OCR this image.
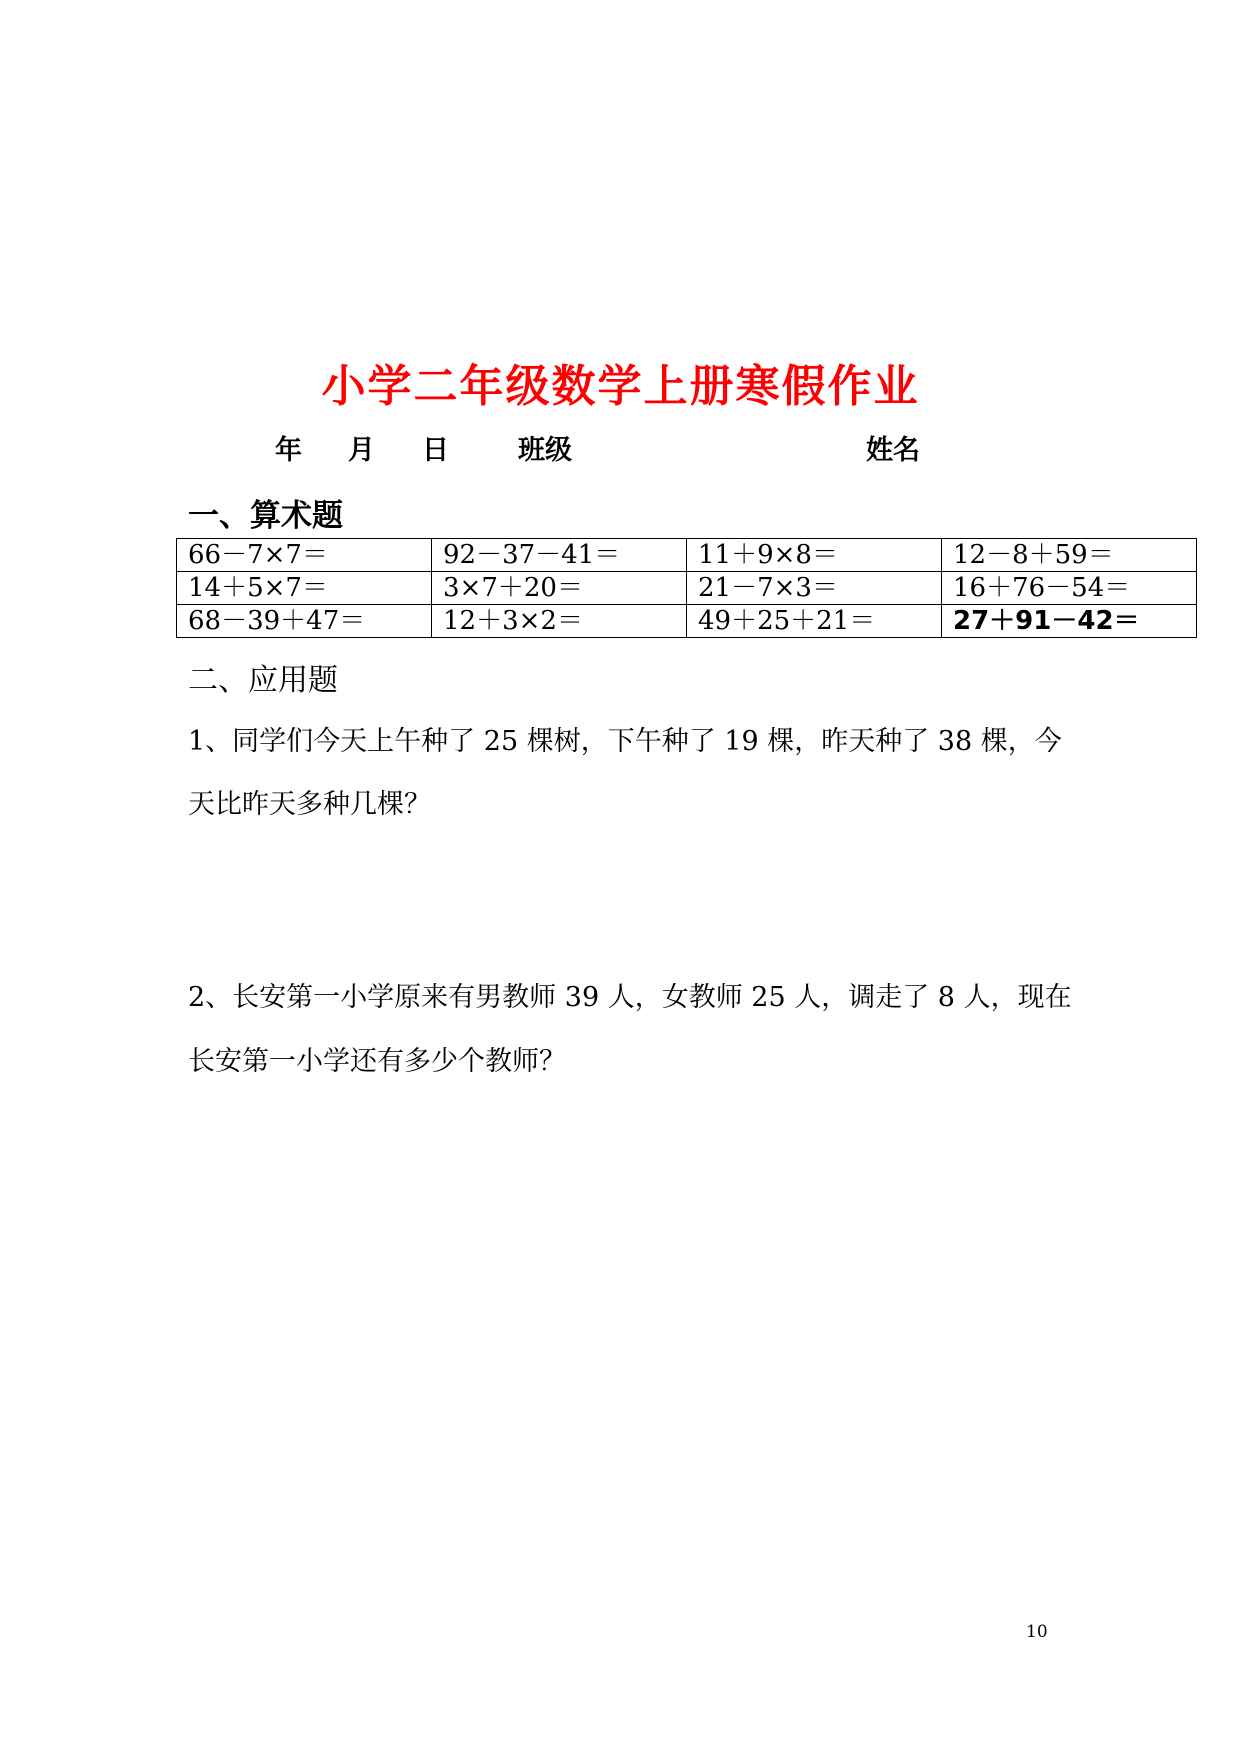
小学二年级数学上册寒假作业
年 月 日	班级	姓名
一、算术题
66－7×7＝	92－37－41＝	11＋9×8＝	12－8＋59＝
14＋5×7＝	3×7＋20＝	21－7×3＝	16＋76－54＝
68－39＋47＝	12＋3×2＝	49＋25＋21＝	27＋91－42＝
二、应用题
1、同学们今天上午种了 25 棵树，下午种了 19 棵，昨天种了 38 棵，今
天比昨天多种几棵？
2、长安第一小学原来有男教师 39 人，女教师 25 人，调走了 8 人，现在
长安第一小学还有多少个教师？
10
